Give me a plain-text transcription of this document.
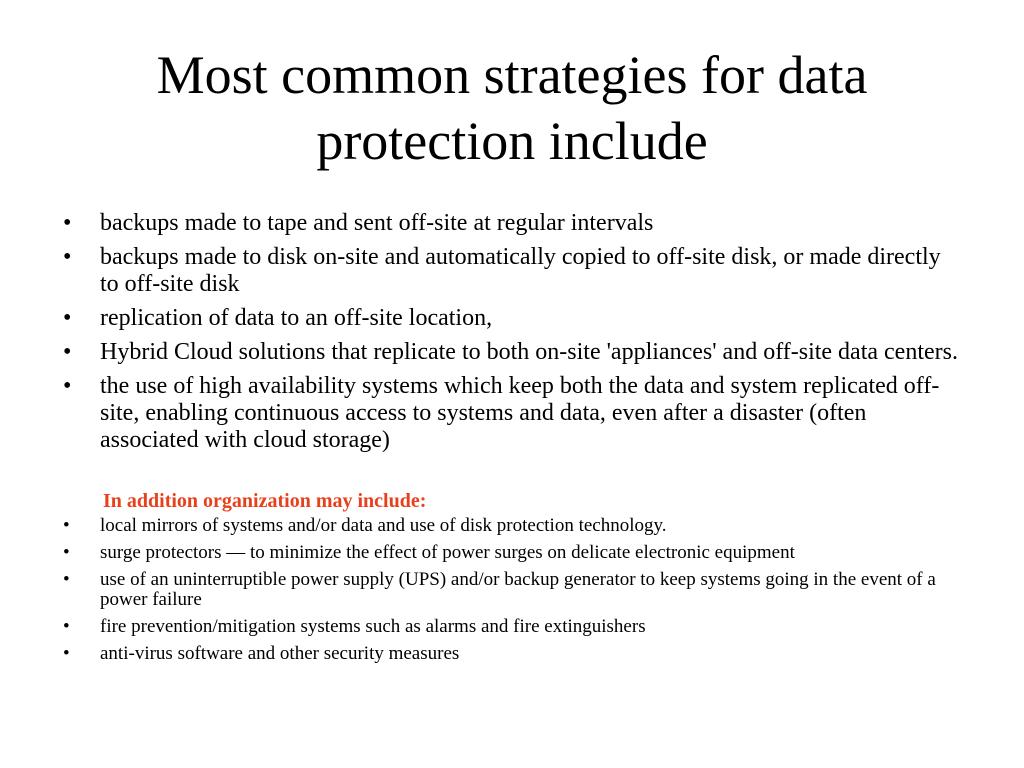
Most common strategies for data protection include
• backups made to tape and sent off-site at regular intervals
• backups made to disk on-site and automatically copied to off-site disk, or made directly to off-site disk
• replication of data to an off-site location,
• Hybrid Cloud solutions that replicate to both on-site 'appliances' and off-site data centers.
• the use of high availability systems which keep both the data and system replicated off-site, enabling continuous access to systems and data, even after a disaster (often associated with cloud storage)
In addition organization may include:
• local mirrors of systems and/or data and use of disk protection technology.
• surge protectors — to minimize the effect of power surges on delicate electronic equipment
• use of an uninterruptible power supply (UPS) and/or backup generator to keep systems going in the event of a power failure
• fire prevention/mitigation systems such as alarms and fire extinguishers
• anti-virus software and other security measures
